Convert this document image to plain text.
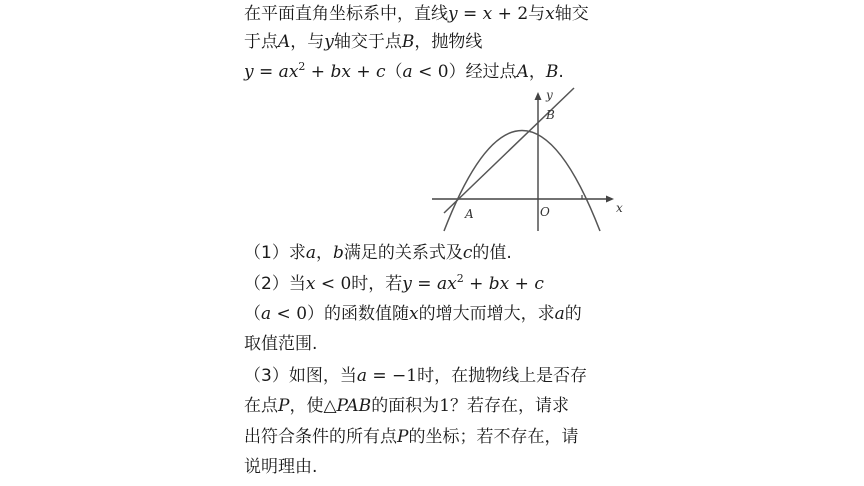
在平面直角坐标系中，直线y = x + 2与x轴交
于点A，与y轴交于点B，抛物线
$y = ax^2$ + bx + c（a < 0）经过点A，B.
x
y
O
A
B
（1）求a，b满足的关系式及c的值.
（2）当x < 0时，若$y = ax^2$ + bx + c
（a < 0）的函数值随x的增大而增大，求a的
取值范围.
（3）如图，当a = −1时，在抛物线上是否存
在点P，使△PAB的面积为1？若存在，请求
出符合条件的所有点P的坐标；若不存在，请
说明理由.
